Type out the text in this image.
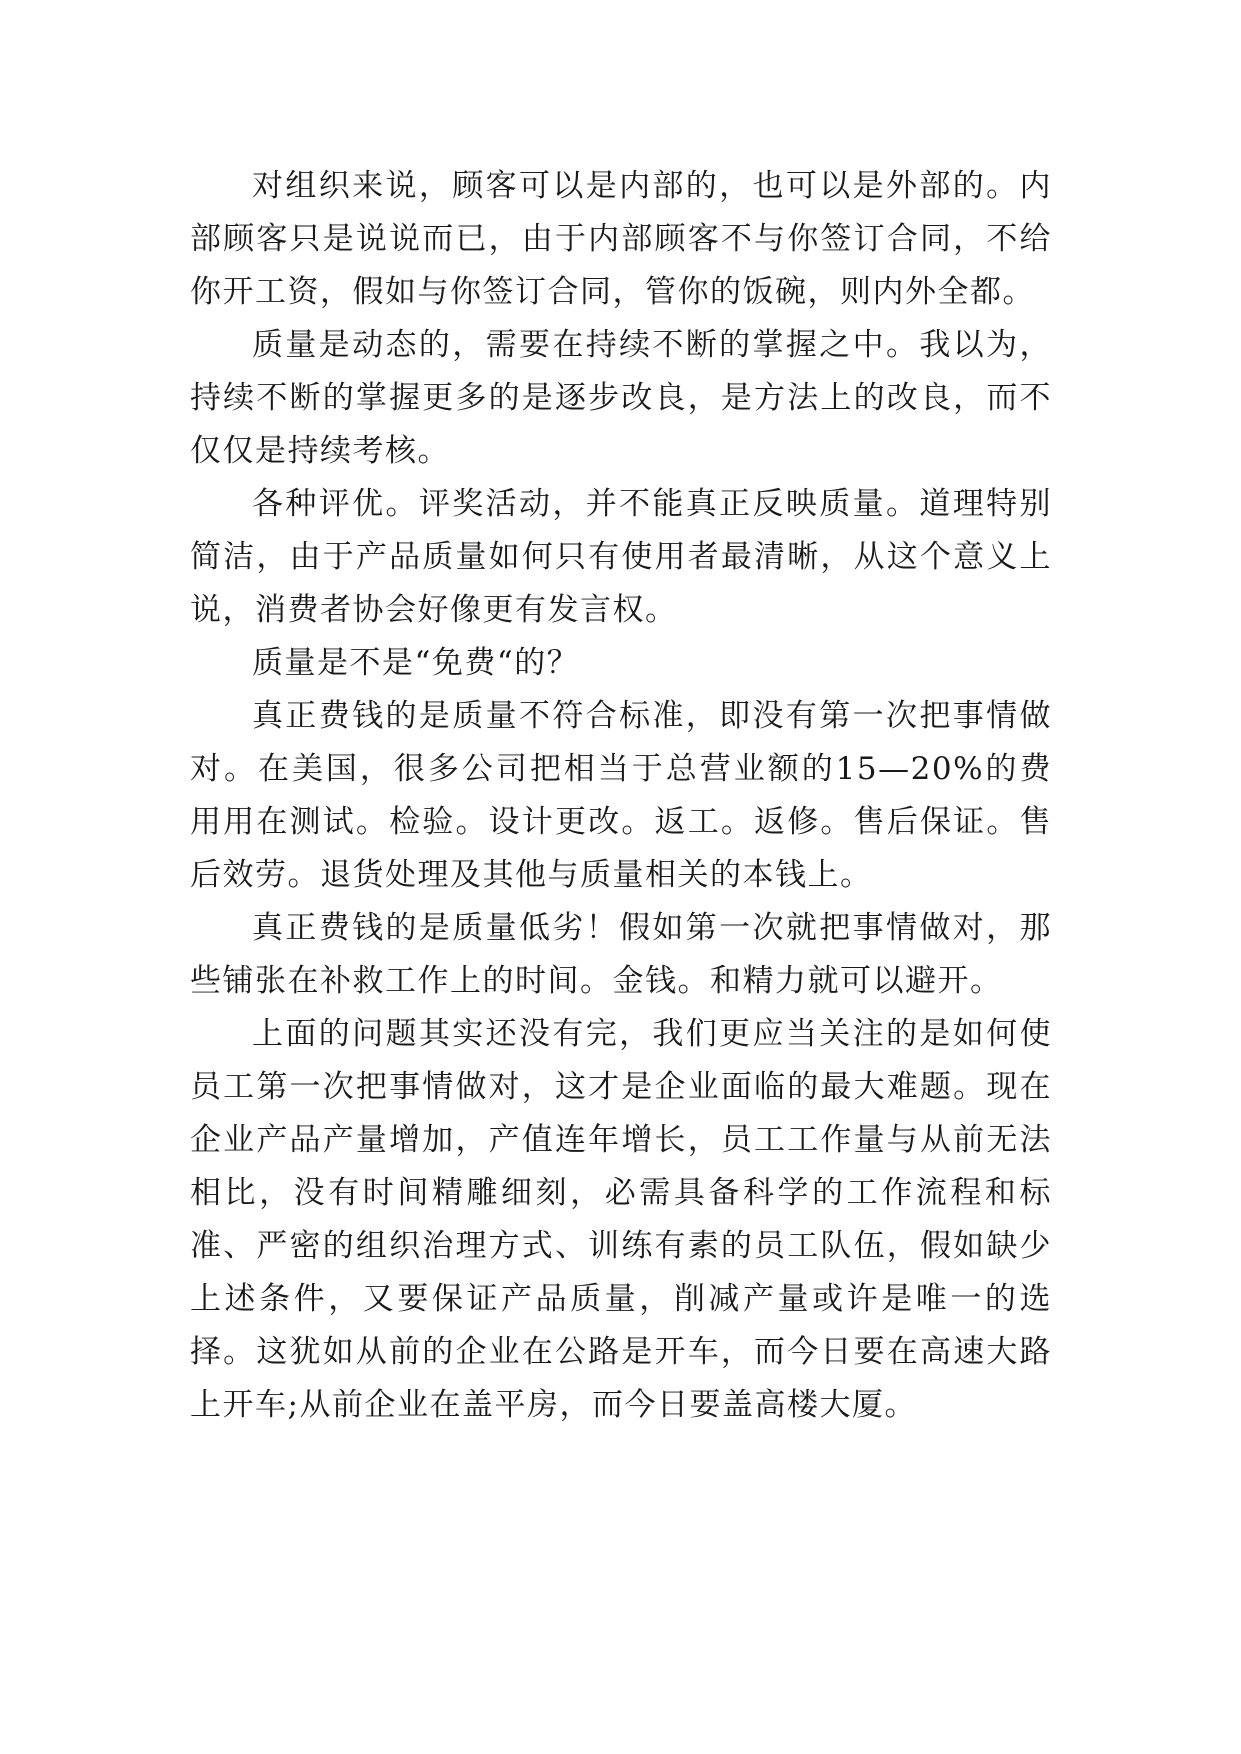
对组织来说，顾客可以是内部的，也可以是外部的。内部顾客只是说说而已，由于内部顾客不与你签订合同，不给你开工资，假如与你签订合同，管你的饭碗，则内外全都。

质量是动态的，需要在持续不断的掌握之中。我以为，持续不断的掌握更多的是逐步改良，是方法上的改良，而不仅仅是持续考核。

各种评优。评奖活动，并不能真正反映质量。道理特别简洁，由于产品质量如何只有使用者最清晰，从这个意义上说，消费者协会好像更有发言权。

质量是不是“免费“的？

真正费钱的是质量不符合标准，即没有第一次把事情做对。在美国，很多公司把相当于总营业额的15—20%的费用用在测试。检验。设计更改。返工。返修。售后保证。售后效劳。退货处理及其他与质量相关的本钱上。

真正费钱的是质量低劣！假如第一次就把事情做对，那些铺张在补救工作上的时间。金钱。和精力就可以避开。

上面的问题其实还没有完，我们更应当关注的是如何使员工第一次把事情做对，这才是企业面临的最大难题。现在企业产品产量增加，产值连年增长，员工工作量与从前无法相比，没有时间精雕细刻，必需具备科学的工作流程和标准、严密的组织治理方式、训练有素的员工队伍，假如缺少上述条件，又要保证产品质量，削减产量或许是唯一的选择。这犹如从前的企业在公路是开车，而今日要在高速大路上开车;从前企业在盖平房，而今日要盖高楼大厦。
